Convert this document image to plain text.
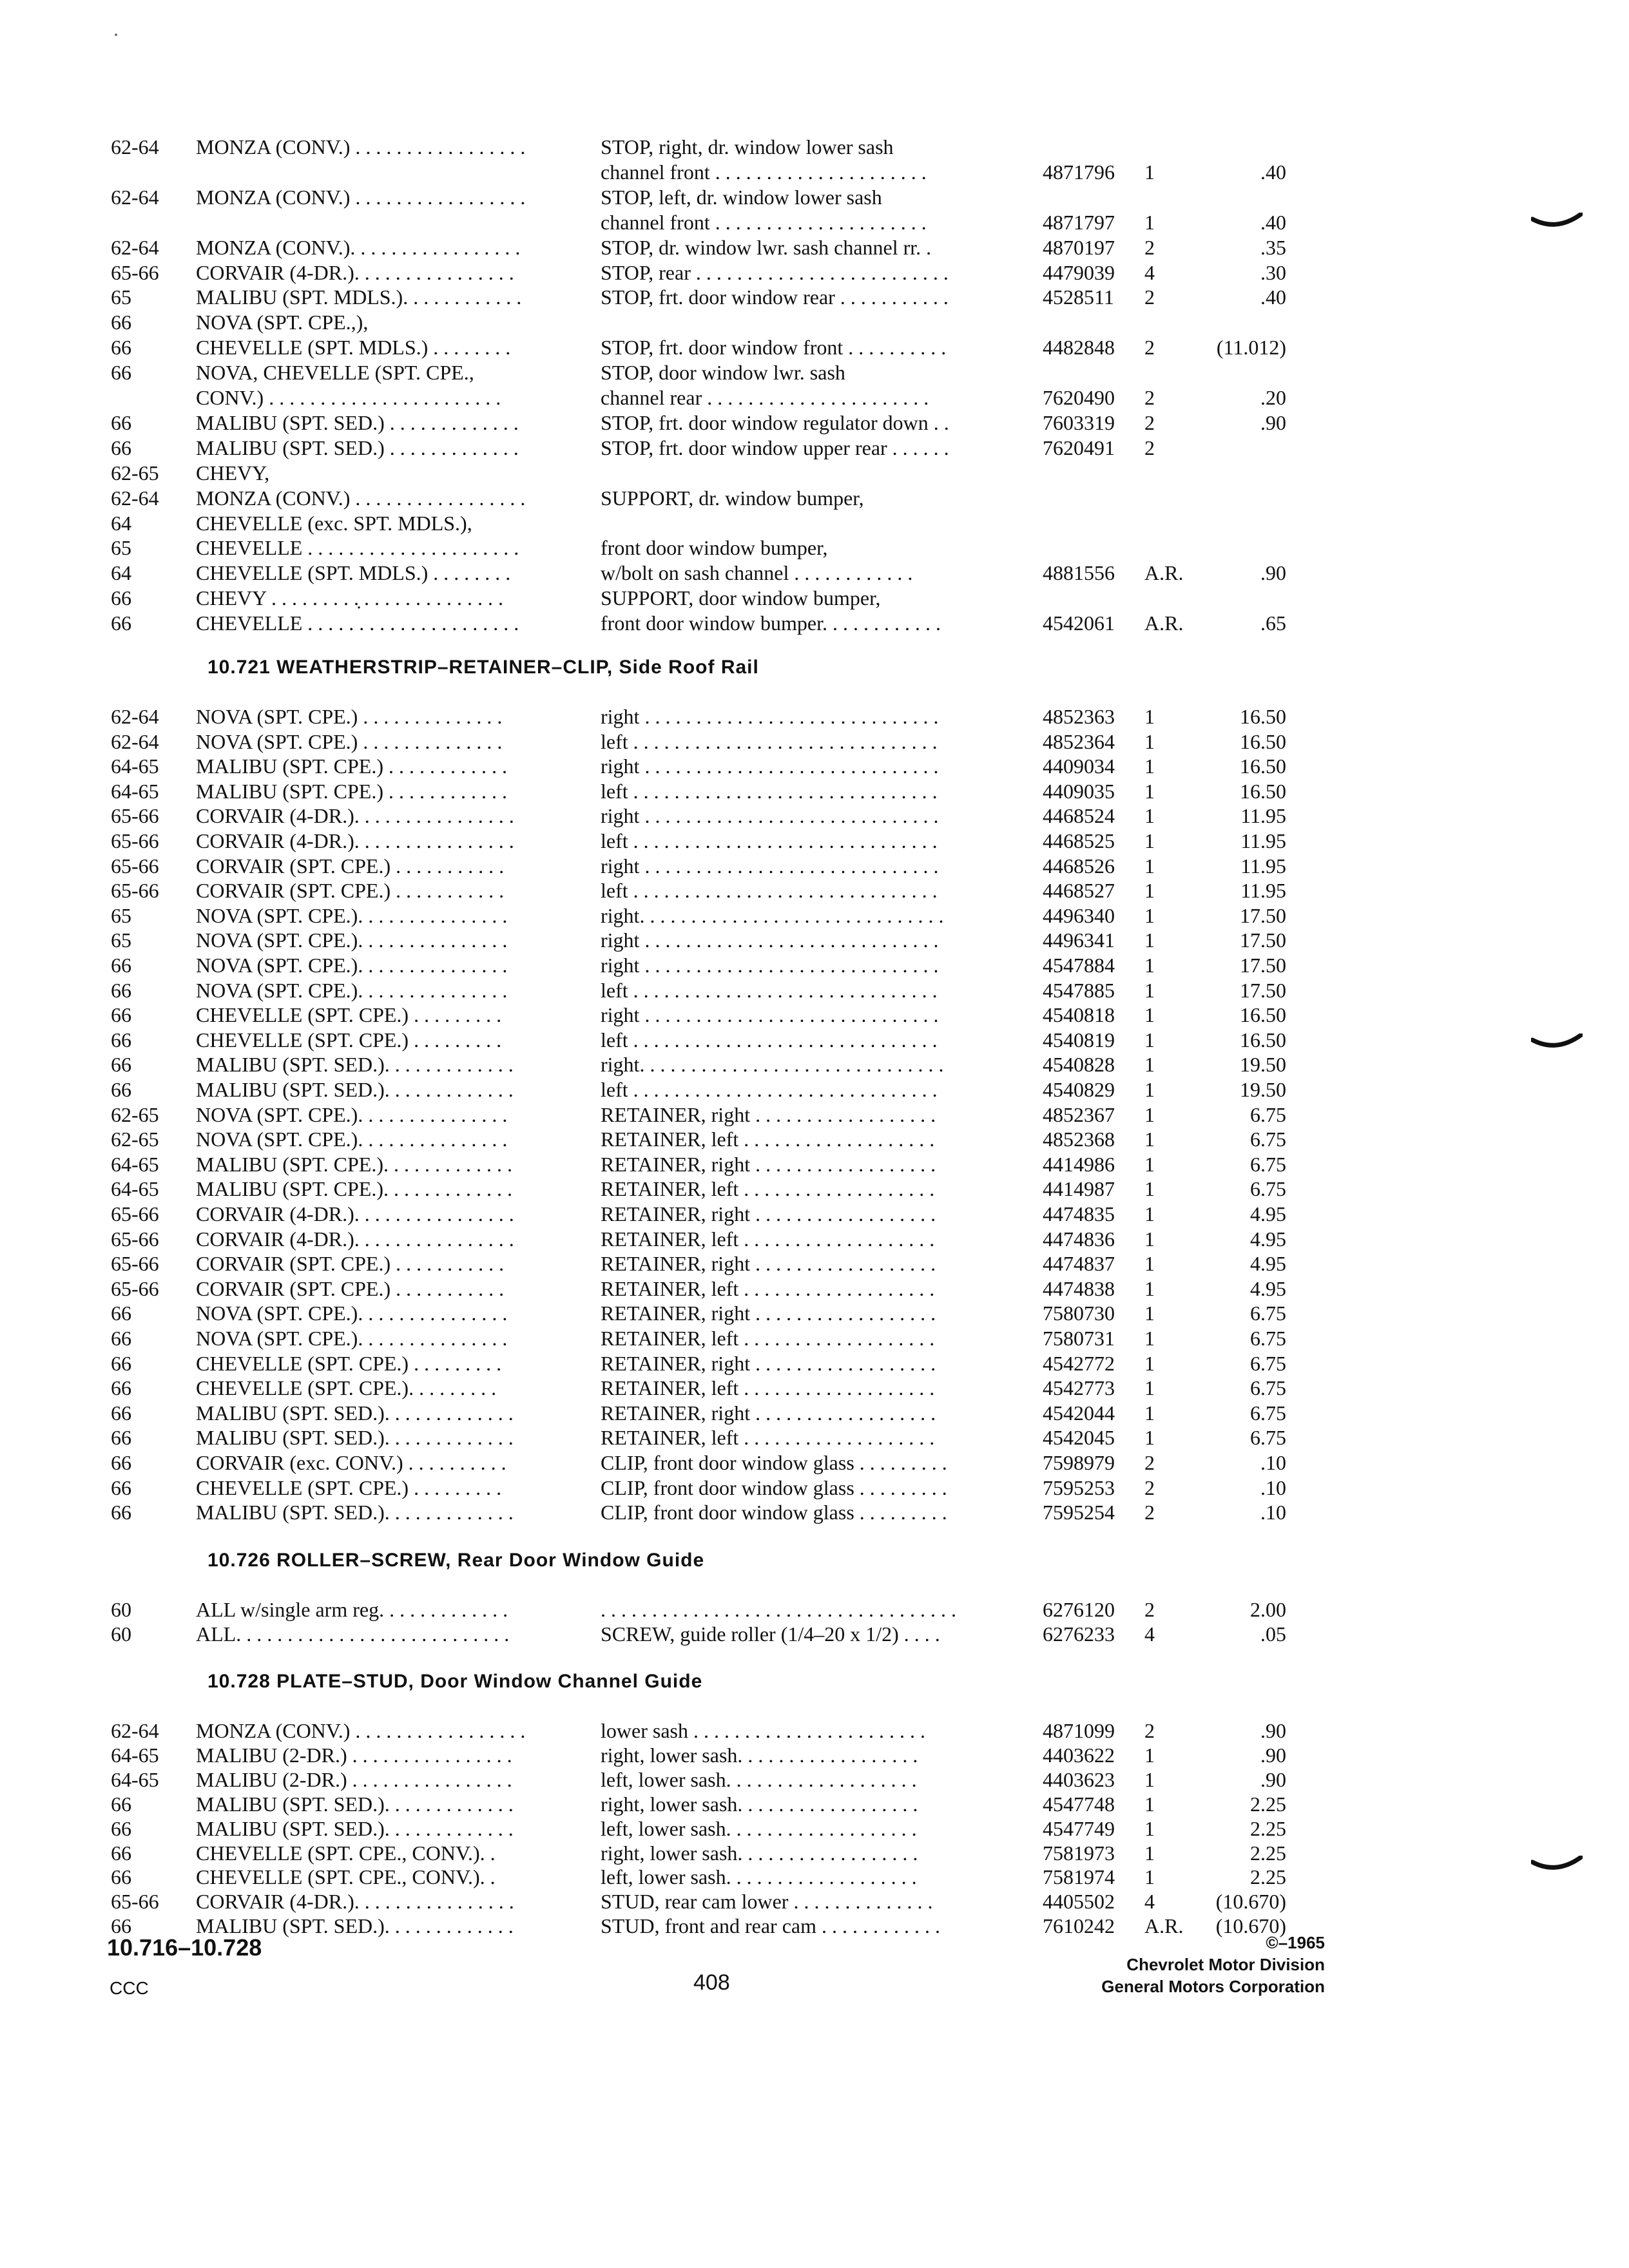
62-64	MONZA (CONV.) . . . . . . . . . . . . . . . . .	STOP, right, dr. window lower sash
channel front . . . . . . . . . . . . . . . . . . . . .	4871796	1	.40
62-64	MONZA (CONV.) . . . . . . . . . . . . . . . . .	STOP, left, dr. window lower sash
channel front . . . . . . . . . . . . . . . . . . . . .	4871797	1	.40
62-64	MONZA (CONV.). . . . . . . . . . . . . . . . .	STOP, dr. window lwr. sash channel rr. .	4870197	2	.35
65-66	CORVAIR (4-DR.). . . . . . . . . . . . . . . .	STOP, rear . . . . . . . . . . . . . . . . . . . . . . . . .	4479039	4	.30
65	MALIBU (SPT. MDLS.). . . . . . . . . . . .	STOP, frt. door window rear . . . . . . . . . . .	4528511	2	.40
66	NOVA (SPT. CPE.,),
66	CHEVELLE (SPT. MDLS.) . . . . . . . .	STOP, frt. door window front . . . . . . . . . .	4482848	2	(11.012)
66	NOVA, CHEVELLE (SPT. CPE.,	STOP, door window lwr. sash
CONV.) . . . . . . . . . . . . . . . . . . . . . . .	channel rear . . . . . . . . . . . . . . . . . . . . . .	7620490	2	.20
66	MALIBU (SPT. SED.) . . . . . . . . . . . . .	STOP, frt. door window regulator down . .	7603319	2	.90
66	MALIBU (SPT. SED.) . . . . . . . . . . . . .	STOP, frt. door window upper rear . . . . . .	7620491	2
62-65	CHEVY,
62-64	MONZA (CONV.) . . . . . . . . . . . . . . . . .	SUPPORT, dr. window bumper,
64	CHEVELLE (exc. SPT. MDLS.),
65	CHEVELLE . . . . . . . . . . . . . . . . . . . . .	front door window bumper,
64	CHEVELLE (SPT. MDLS.) . . . . . . . .	w/bolt on sash channel . . . . . . . . . . . .	4881556	A.R.	.90
66	CHEVY . . . . . . . . .̣ . . . . . . . . . . . . . .	SUPPORT, door window bumper,
66	CHEVELLE . . . . . . . . . . . . . . . . . . . . .	front door window bumper. . . . . . . . . . . .	4542061	A.R.	.65
10.721 WEATHERSTRIP–RETAINER–CLIP, Side Roof Rail
62-64	NOVA (SPT. CPE.) . . . . . . . . . . . . . .	right . . . . . . . . . . . . . . . . . . . . . . . . . . . . .	4852363	1	16.50
62-64	NOVA (SPT. CPE.) . . . . . . . . . . . . . .	left . . . . . . . . . . . . . . . . . . . . . . . . . . . . . .	4852364	1	16.50
64-65	MALIBU (SPT. CPE.) . . . . . . . . . . . .	right . . . . . . . . . . . . . . . . . . . . . . . . . . . . .	4409034	1	16.50
64-65	MALIBU (SPT. CPE.) . . . . . . . . . . . .	left . . . . . . . . . . . . . . . . . . . . . . . . . . . . . .	4409035	1	16.50
65-66	CORVAIR (4-DR.). . . . . . . . . . . . . . . .	right . . . . . . . . . . . . . . . . . . . . . . . . . . . . .	4468524	1	11.95
65-66	CORVAIR (4-DR.). . . . . . . . . . . . . . . .	left . . . . . . . . . . . . . . . . . . . . . . . . . . . . . .	4468525	1	11.95
65-66	CORVAIR (SPT. CPE.) . . . . . . . . . . .	right . . . . . . . . . . . . . . . . . . . . . . . . . . . . .	4468526	1	11.95
65-66	CORVAIR (SPT. CPE.) . . . . . . . . . . .	left . . . . . . . . . . . . . . . . . . . . . . . . . . . . . .	4468527	1	11.95
65	NOVA (SPT. CPE.). . . . . . . . . . . . . . .	right. . . . . . . . . . . . . . . . . . . . . . . . . . . . . .	4496340	1	17.50
65	NOVA (SPT. CPE.). . . . . . . . . . . . . . .	right . . . . . . . . . . . . . . . . . . . . . . . . . . . . .	4496341	1	17.50
66	NOVA (SPT. CPE.). . . . . . . . . . . . . . .	right . . . . . . . . . . . . . . . . . . . . . . . . . . . . .	4547884	1	17.50
66	NOVA (SPT. CPE.). . . . . . . . . . . . . . .	left . . . . . . . . . . . . . . . . . . . . . . . . . . . . . .	4547885	1	17.50
66	CHEVELLE (SPT. CPE.) . . . . . . . . .	right . . . . . . . . . . . . . . . . . . . . . . . . . . . . .	4540818	1	16.50
66	CHEVELLE (SPT. CPE.) . . . . . . . . .	left . . . . . . . . . . . . . . . . . . . . . . . . . . . . . .	4540819	1	16.50
66	MALIBU (SPT. SED.). . . . . . . . . . . . .	right. . . . . . . . . . . . . . . . . . . . . . . . . . . . . .	4540828	1	19.50
66	MALIBU (SPT. SED.). . . . . . . . . . . . .	left . . . . . . . . . . . . . . . . . . . . . . . . . . . . . .	4540829	1	19.50
62-65	NOVA (SPT. CPE.). . . . . . . . . . . . . . .	RETAINER, right . . . . . . . . . . . . . . . . . .	4852367	1	6.75
62-65	NOVA (SPT. CPE.). . . . . . . . . . . . . . .	RETAINER, left . . . . . . . . . . . . . . . . . . .	4852368	1	6.75
64-65	MALIBU (SPT. CPE.). . . . . . . . . . . . .	RETAINER, right . . . . . . . . . . . . . . . . . .	4414986	1	6.75
64-65	MALIBU (SPT. CPE.). . . . . . . . . . . . .	RETAINER, left . . . . . . . . . . . . . . . . . . .	4414987	1	6.75
65-66	CORVAIR (4-DR.). . . . . . . . . . . . . . . .	RETAINER, right . . . . . . . . . . . . . . . . . .	4474835	1	4.95
65-66	CORVAIR (4-DR.). . . . . . . . . . . . . . . .	RETAINER, left . . . . . . . . . . . . . . . . . . .	4474836	1	4.95
65-66	CORVAIR (SPT. CPE.) . . . . . . . . . . .	RETAINER, right . . . . . . . . . . . . . . . . . .	4474837	1	4.95
65-66	CORVAIR (SPT. CPE.) . . . . . . . . . . .	RETAINER, left . . . . . . . . . . . . . . . . . . .	4474838	1	4.95
66	NOVA (SPT. CPE.). . . . . . . . . . . . . . .	RETAINER, right . . . . . . . . . . . . . . . . . .	7580730	1	6.75
66	NOVA (SPT. CPE.). . . . . . . . . . . . . . .	RETAINER, left . . . . . . . . . . . . . . . . . . .	7580731	1	6.75
66	CHEVELLE (SPT. CPE.) . . . . . . . . .	RETAINER, right . . . . . . . . . . . . . . . . . .	4542772	1	6.75
66	CHEVELLE (SPT. CPE.). . . . . . . . .	RETAINER, left . . . . . . . . . . . . . . . . . . .	4542773	1	6.75
66	MALIBU (SPT. SED.). . . . . . . . . . . . .	RETAINER, right . . . . . . . . . . . . . . . . . .	4542044	1	6.75
66	MALIBU (SPT. SED.). . . . . . . . . . . . .	RETAINER, left . . . . . . . . . . . . . . . . . . .	4542045	1	6.75
66	CORVAIR (exc. CONV.) . . . . . . . . . .	CLIP, front door window glass . . . . . . . . .	7598979	2	.10
66	CHEVELLE (SPT. CPE.) . . . . . . . . .	CLIP, front door window glass . . . . . . . . .	7595253	2	.10
66	MALIBU (SPT. SED.). . . . . . . . . . . . .	CLIP, front door window glass . . . . . . . . .	7595254	2	.10
10.726 ROLLER–SCREW, Rear Door Window Guide
60	ALL w/single arm reg. . . . . . . . . . . . .	. . . . . . . . . . . . . . . . . . . . . . . . . . . . . . . . . . .	6276120	2	2.00
60	ALL. . . . . . . . . . . . . . . . . . . . . . . . . . .	SCREW, guide roller (1/4–20 x 1/2) . . . .	6276233	4	.05
10.728 PLATE–STUD, Door Window Channel Guide
62-64	MONZA (CONV.) . . . . . . . . . . . . . . . . .	lower sash . . . . . . . . . . . . . . . . . . . . . . .	4871099	2	.90
64-65	MALIBU (2-DR.) . . . . . . . . . . . . . . . .	right, lower sash. . . . . . . . . . . . . . . . . .	4403622	1	.90
64-65	MALIBU (2-DR.) . . . . . . . . . . . . . . . .	left, lower sash. . . . . . . . . . . . . . . . . . .	4403623	1	.90
66	MALIBU (SPT. SED.). . . . . . . . . . . . .	right, lower sash. . . . . . . . . . . . . . . . . .	4547748	1	2.25
66	MALIBU (SPT. SED.). . . . . . . . . . . . .	left, lower sash. . . . . . . . . . . . . . . . . . .	4547749	1	2.25
66	CHEVELLE (SPT. CPE., CONV.). .	right, lower sash. . . . . . . . . . . . . . . . . .	7581973	1	2.25
66	CHEVELLE (SPT. CPE., CONV.). .	left, lower sash. . . . . . . . . . . . . . . . . . .	7581974	1	2.25
65-66	CORVAIR (4-DR.). . . . . . . . . . . . . . . .	STUD, rear cam lower . . . . . . . . . . . . . .	4405502	4	(10.670)
66	MALIBU (SPT. SED.). . . . . . . . . . . . .	STUD, front and rear cam . . . . . . . . . . . .	7610242	A.R.	(10.670)
10.716–10.728
CCC	408
©–1965
Chevrolet Motor Division
General Motors Corporation
